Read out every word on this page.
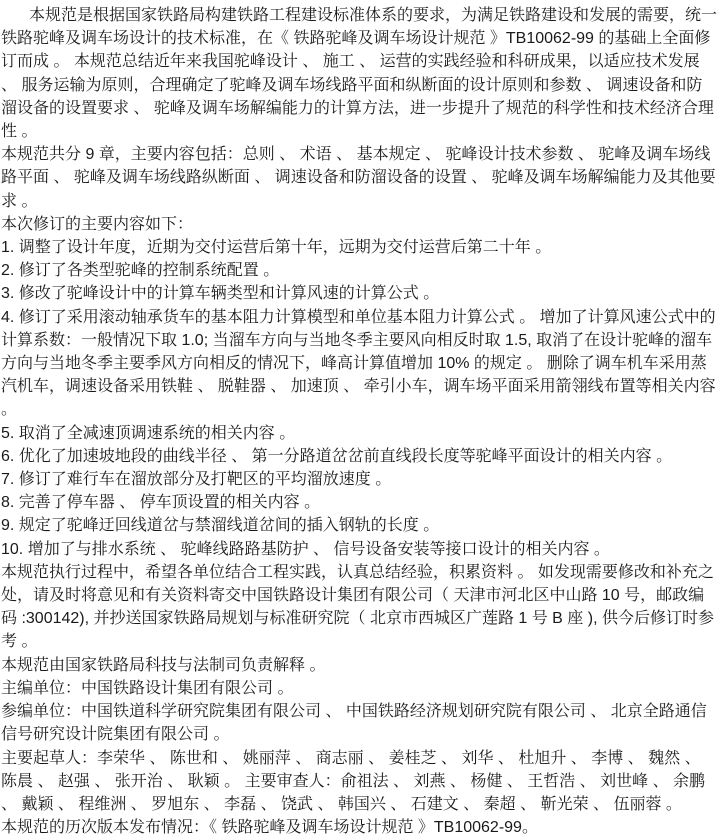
本规范是根据国家铁路局构建铁路工程建设标准体系的要求，为满足铁路建设和发展的需要，统一铁路驼峰及调车场设计的技术标准，在《 铁路驼峰及调车场设计规范 》TB10062-99 的基础上全面修订而成 。 本规范总结近年来我国驼峰设计 、 施工 、 运营的实践经验和科研成果，以适应技术发展 、 服务运输为原则，合理确定了驼峰及调车场线路平面和纵断面的设计原则和参数 、 调速设备和防溜设备的设置要求 、 驼峰及调车场解编能力的计算方法，进一步提升了规范的科学性和技术经济合理性 。

本规范共分 9 章，主要内容包括：总则 、 术语 、 基本规定 、 驼峰设计技术参数 、 驼峰及调车场线路平面 、 驼峰及调车场线路纵断面 、 调速设备和防溜设备的设置 、 驼峰及调车场解编能力及其他要求 。

本次修订的主要内容如下：

1. 调整了设计年度，近期为交付运营后第十年，远期为交付运营后第二十年 。

2. 修订了各类型驼峰的控制系统配置 。

3. 修改了驼峰设计中的计算车辆类型和计算风速的计算公式 。

4. 修订了采用滚动轴承货车的基本阻力计算模型和单位基本阻力计算公式 。 增加了计算风速公式中的计算系数：一般情况下取 1.0; 当溜车方向与当地冬季主要风向相反时取 1.5, 取消了在设计驼峰的溜车方向与当地冬季主要季风方向相反的情况下，峰高计算值增加 10% 的规定 。 删除了调车机车采用蒸汽机车，调速设备采用铁鞋 、 脱鞋器 、 加速顶 、 牵引小车，调车场平面采用箭翎线布置等相关内容 。

5. 取消了全减速顶调速系统的相关内容 。

6. 优化了加速坡地段的曲线半径 、 第一分路道岔岔前直线段长度等驼峰平面设计的相关内容 。

7. 修订了难行车在溜放部分及打靶区的平均溜放速度 。

8. 完善了停车器 、 停车顶设置的相关内容 。

9. 规定了驼峰迂回线道岔与禁溜线道岔间的插入钢轨的长度 。

10. 增加了与排水系统 、 驼峰线路路基防护 、 信号设备安装等接口设计的相关内容 。

本规范执行过程中，希望各单位结合工程实践，认真总结经验，积累资料 。 如发现需要修改和补充之处，请及时将意见和有关资料寄交中国铁路设计集团有限公司（ 天津市河北区中山路 10 号，邮政编码 :300142), 并抄送国家铁路局规划与标准研究院（ 北京市西城区广莲路 1 号 B 座 ), 供今后修订时参考 。

本规范由国家铁路局科技与法制司负责解释 。

主编单位：中国铁路设计集团有限公司 。

参编单位：中国铁道科学研究院集团有限公司 、 中国铁路经济规划研究院有限公司 、 北京全路通信信号研究设计院集团有限公司 。

主要起草人：李荣华 、 陈世和 、 姚丽萍 、 商志丽 、 姜桂芝 、 刘华 、 杜旭升 、 李博 、 魏然 、 陈晨 、 赵强 、 张开治 、 耿颖 。 主要审查人：俞祖法 、 刘燕 、 杨健 、 王哲浩 、 刘世峰 、 余鹏 、 戴颖 、 程维洲 、 罗旭东 、 李磊 、 饶武 、 韩国兴 、 石建文 、 秦超 、 靳光荣 、 伍丽蓉 。

本规范的历次版本发布情况：《 铁路驼峰及调车场设计规范 》TB10062-99。
